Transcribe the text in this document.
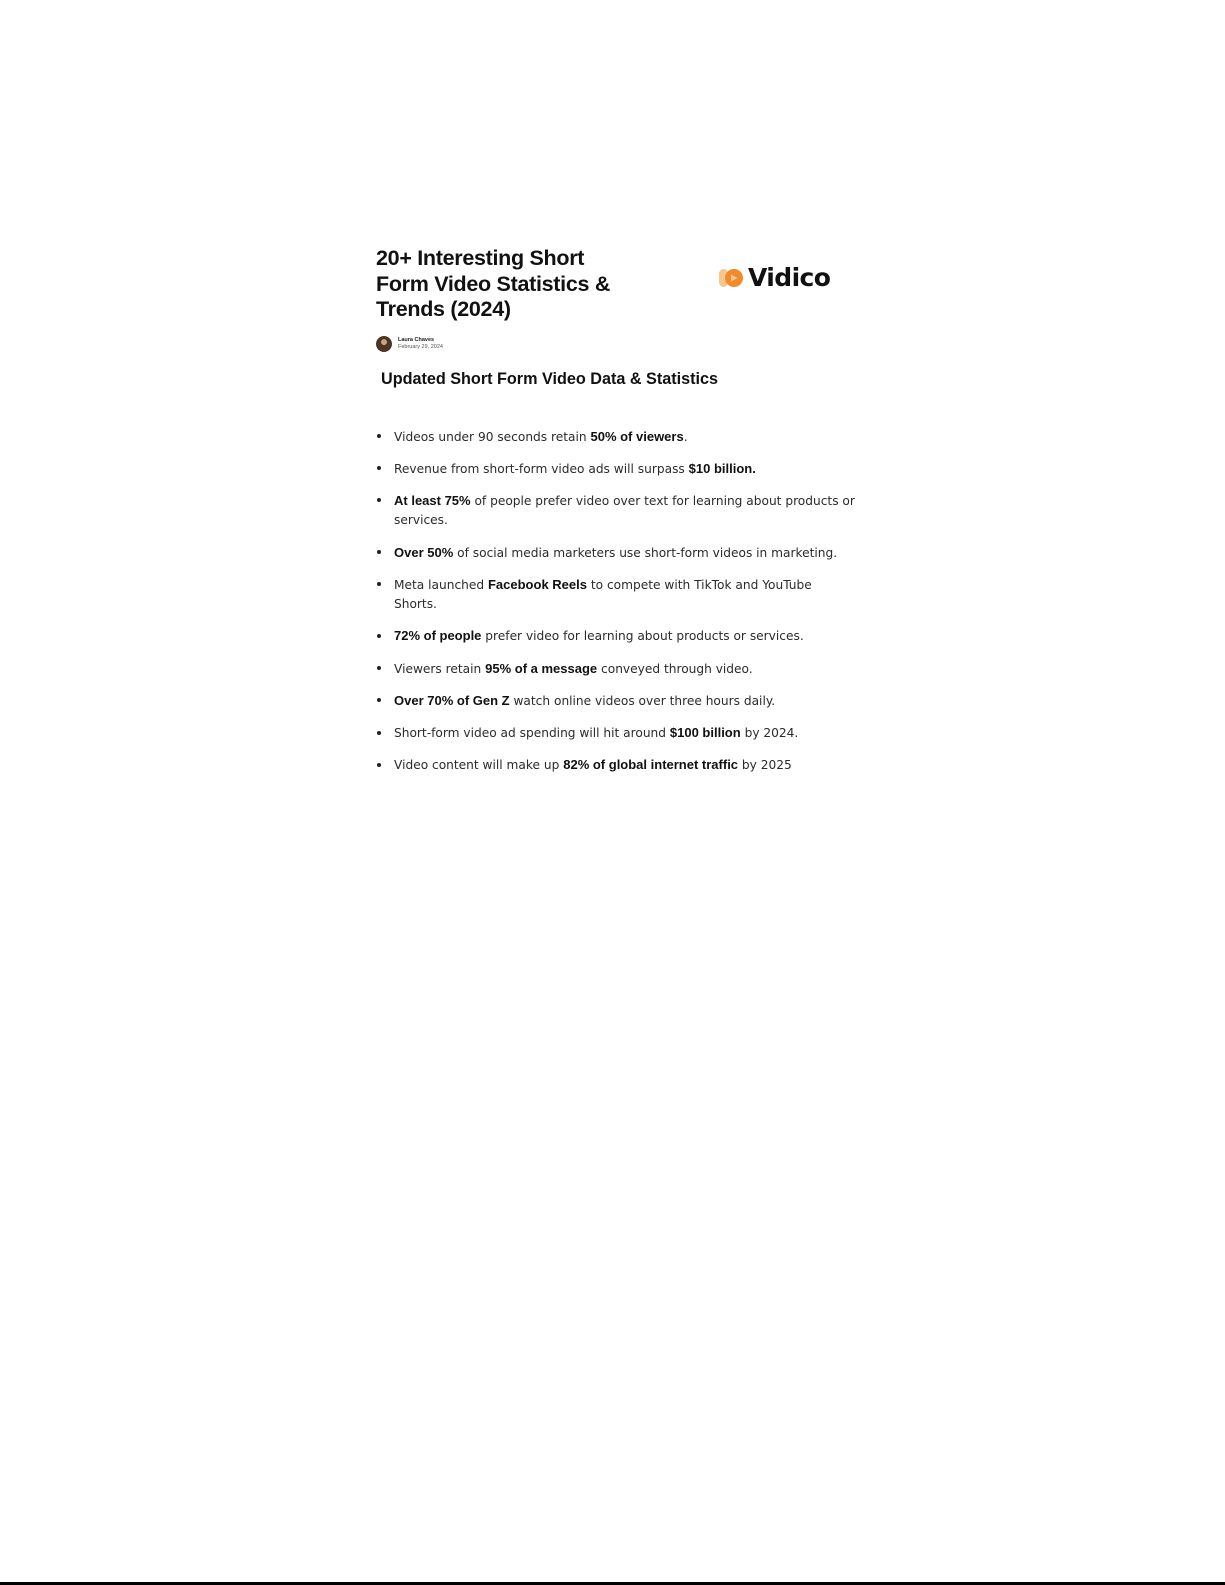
20+ Interesting Short Form Video Statistics & Trends (2024)
Vidico
Laura Chaves
February 29, 2024
Updated Short Form Video Data & Statistics
Videos under 90 seconds retain 50% of viewers.
Revenue from short-form video ads will surpass $10 billion.
At least 75% of people prefer video over text for learning about products or services.
Over 50% of social media marketers use short-form videos in marketing.
Meta launched Facebook Reels to compete with TikTok and YouTube Shorts.
72% of people prefer video for learning about products or services.
Viewers retain 95% of a message conveyed through video.
Over 70% of Gen Z watch online videos over three hours daily.
Short-form video ad spending will hit around $100 billion by 2024.
Video content will make up 82% of global internet traffic by 2025
